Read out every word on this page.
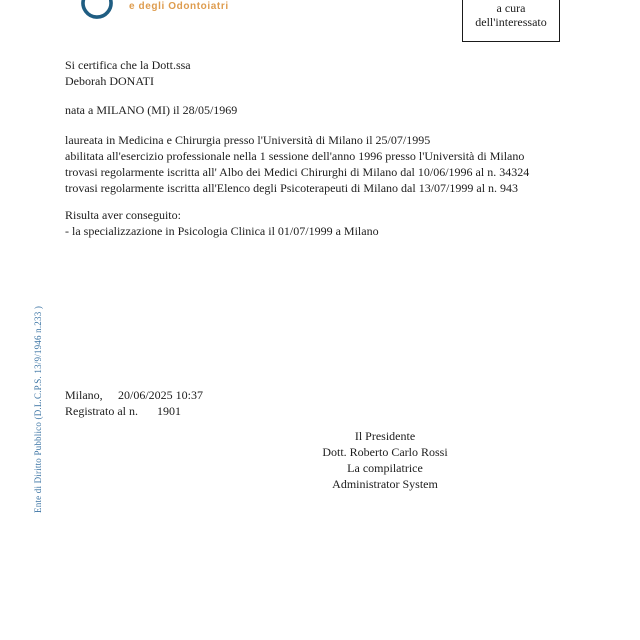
e degli Odontoiatri	a cura
dell'interessato

Si certifica che la Dott.ssa
Deborah DONATI

nata a MILANO (MI) il 28/05/1969

laureata in Medicina e Chirurgia presso l'Università di Milano il 25/07/1995
abilitata all'esercizio professionale nella 1 sessione dell'anno 1996 presso l'Università di Milano
trovasi regolarmente iscritta all' Albo dei Medici Chirurghi di Milano dal 10/06/1996 al n. 34324
trovasi regolarmente iscritta all'Elenco degli Psicoterapeuti di Milano dal 13/07/1999 al n. 943

Risulta aver conseguito:
- la specializzazione in Psicologia Clinica il 01/07/1999 a Milano

Ente di Diritto Pubblico (D.L.C.P.S. 13/9/1946 n.233 ) Milano, 20/06/2025 10:37
Registrato al n. 1901
Il Presidente
Dott. Roberto Carlo Rossi
La compilatrice
Administrator System
